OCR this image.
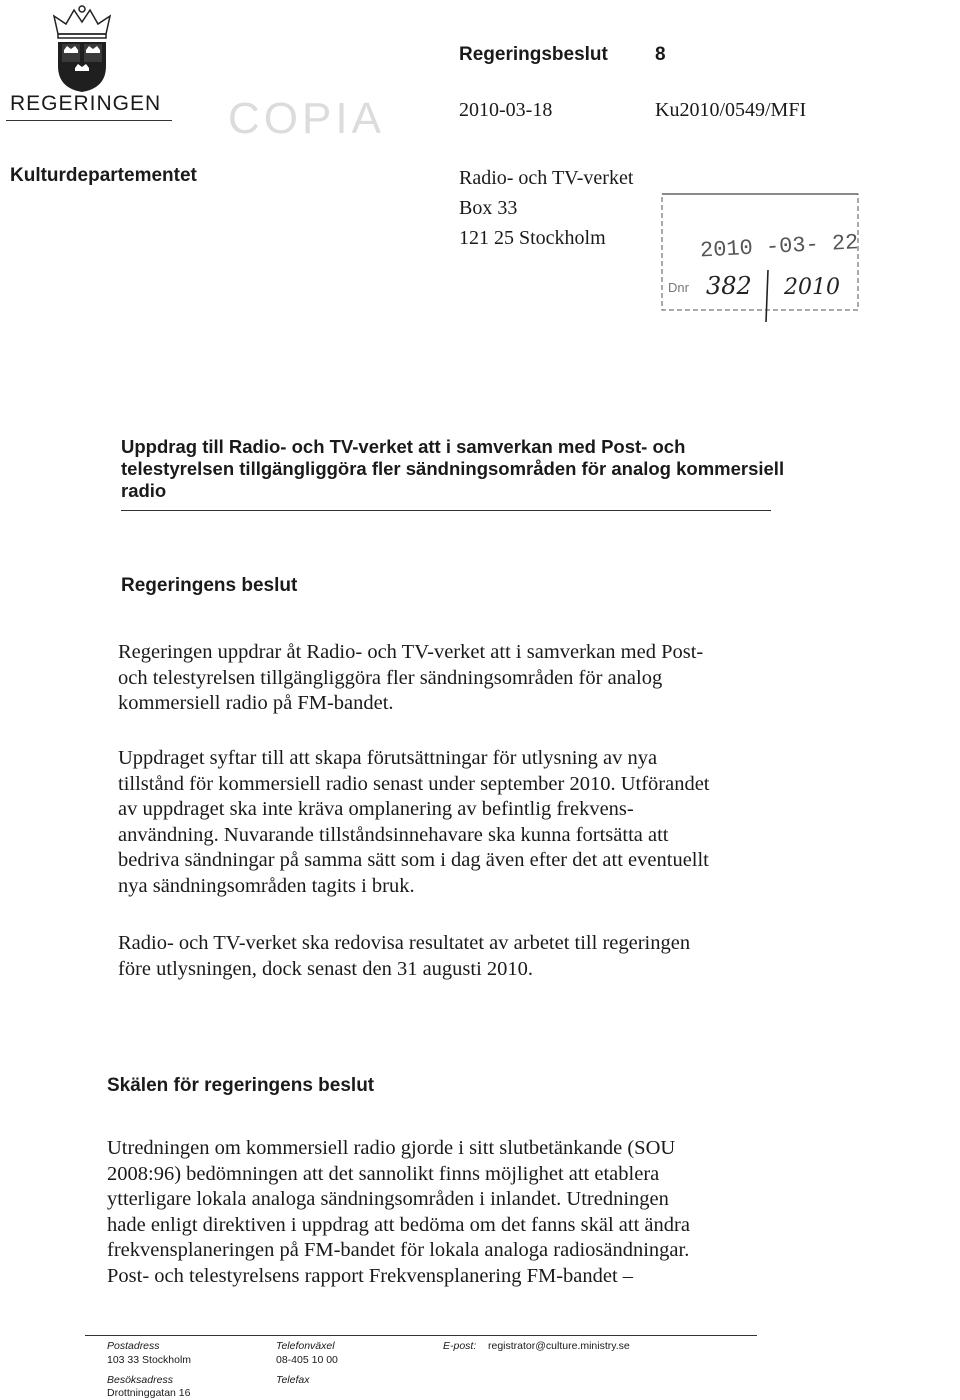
REGERINGEN COPIA
Regeringsbeslut 8
2010-03-18	Ku2010/0549/MFI
Kulturdepartementet	Radio- och TV-verket
Box 33
121 25 Stockholm	2010 -03- 22
Dnr 382 2010
Uppdrag till Radio- och TV-verket att i samverkan med Post- och
telestyrelsen tillgängliggöra fler sändningsområden för analog kommersiell
radio
Regeringens beslut
Regeringen uppdrar åt Radio- och TV-verket att i samverkan med Post-
och telestyrelsen tillgängliggöra fler sändningsområden för analog
kommersiell radio på FM-bandet.
Uppdraget syftar till att skapa förutsättningar för utlysning av nya
tillstånd för kommersiell radio senast under september 2010. Utförandet
av uppdraget ska inte kräva omplanering av befintlig frekvens-
användning. Nuvarande tillståndsinnehavare ska kunna fortsätta att
bedriva sändningar på samma sätt som i dag även efter det att eventuellt
nya sändningsområden tagits i bruk.
Radio- och TV-verket ska redovisa resultatet av arbetet till regeringen
före utlysningen, dock senast den 31 augusti 2010.
Skälen för regeringens beslut
Utredningen om kommersiell radio gjorde i sitt slutbetänkande (SOU
2008:96) bedömningen att det sannolikt finns möjlighet att etablera
ytterligare lokala analoga sändningsområden i inlandet. Utredningen
hade enligt direktiven i uppdrag att bedöma om det fanns skäl att ändra
frekvensplaneringen på FM-bandet för lokala analoga radiosändningar.
Post- och telestyrelsens rapport Frekvensplanering FM-bandet –
Postadress
103 33 Stockholm
Besöksadress
Drottninggatan 16
Telefonväxel
08-405 10 00
Telefax
E-post: registrator@culture.ministry.se
